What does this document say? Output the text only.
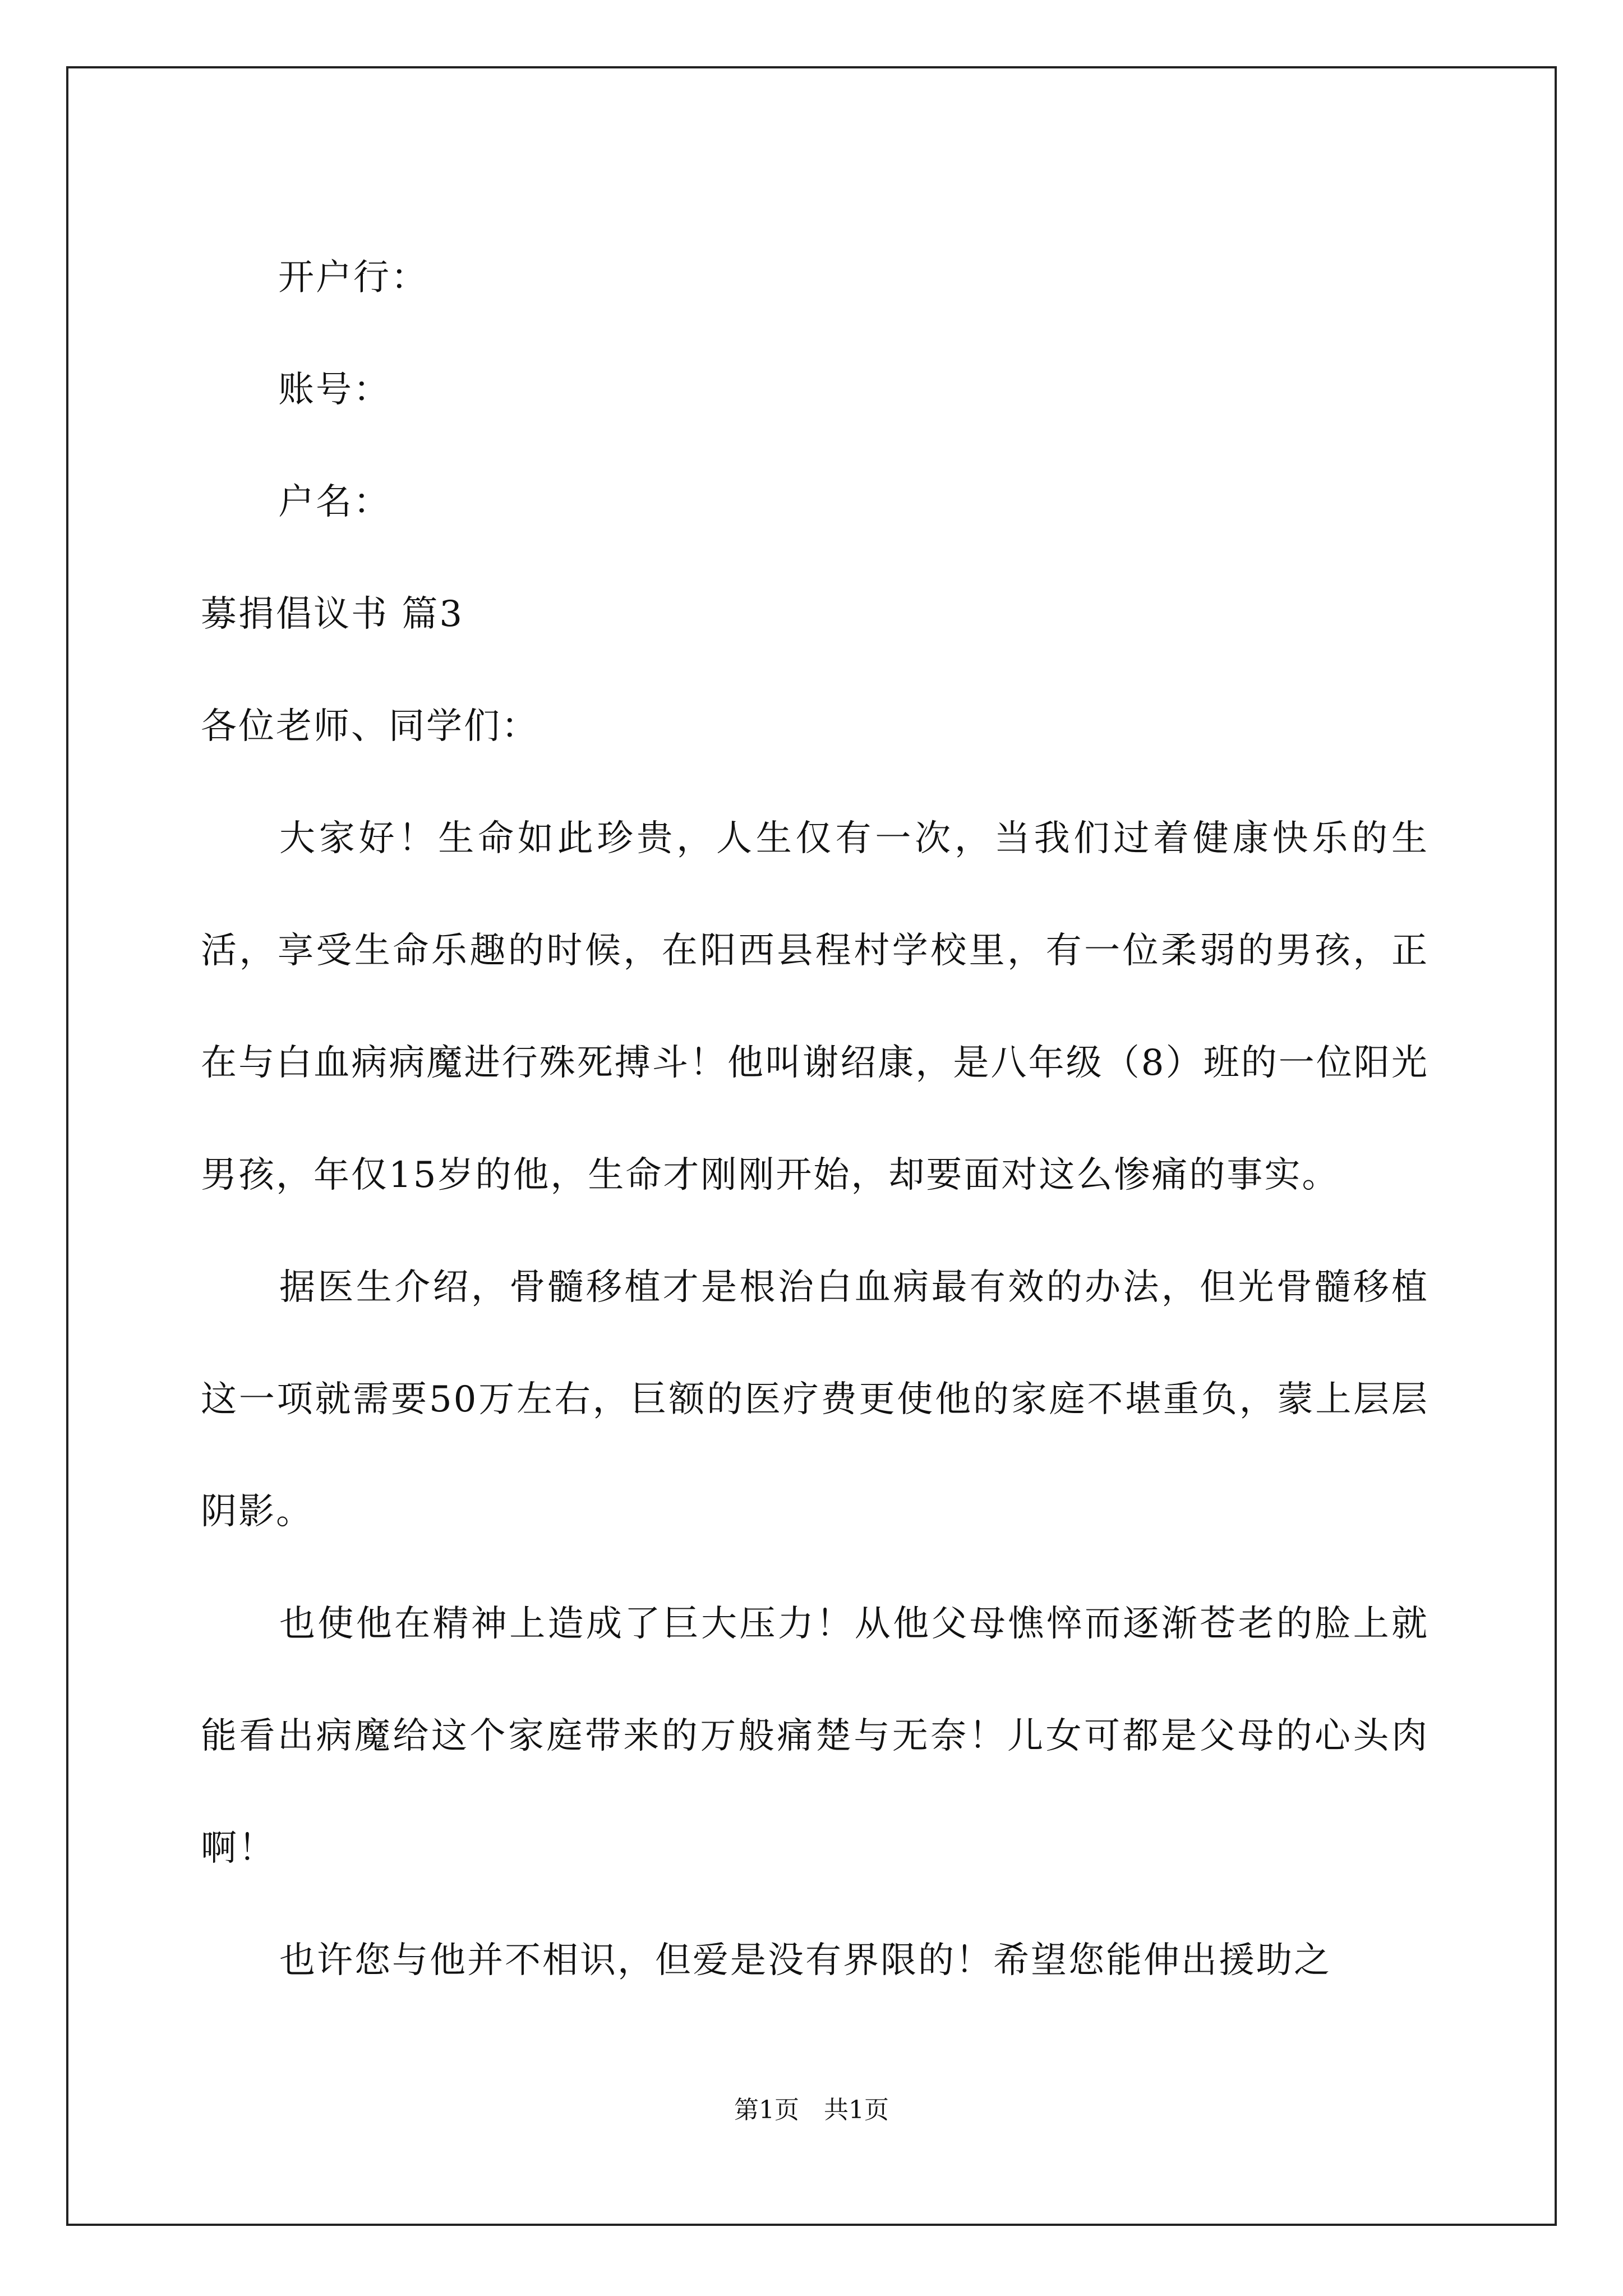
开户行：
账号：
户名：
募捐倡议书 篇3
各位老师、同学们：

大家好！生命如此珍贵，人生仅有一次，当我们过着健康快乐的生活，享受生命乐趣的时候，在阳西县程村学校里，有一位柔弱的男孩，正在与白血病病魔进行殊死搏斗！他叫谢绍康，是八年级（8）班的一位阳光男孩，年仅15岁的他，生命才刚刚开始，却要面对这么惨痛的事实。

据医生介绍，骨髓移植才是根治白血病最有效的办法，但光骨髓移植这一项就需要50万左右，巨额的医疗费更使他的家庭不堪重负，蒙上层层阴影。

也使他在精神上造成了巨大压力！从他父母憔悴而逐渐苍老的脸上就能看出病魔给这个家庭带来的万般痛楚与无奈！儿女可都是父母的心头肉啊！

也许您与他并不相识，但爱是没有界限的！希望您能伸出援助之

第1页　共1页
